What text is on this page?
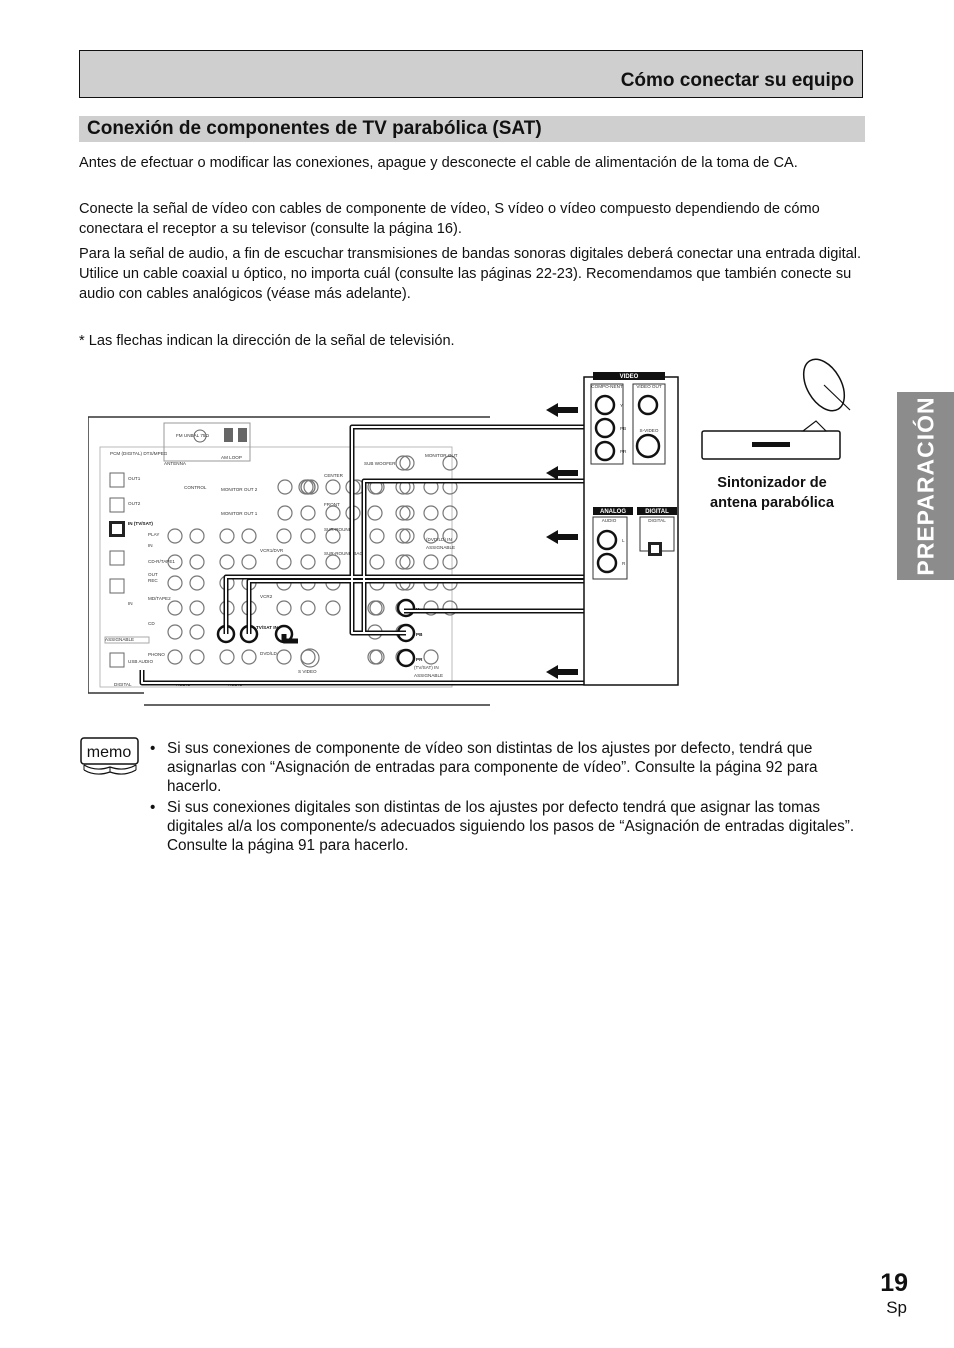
Cómo conectar su equipo
Conexión de componentes de TV parabólica (SAT)

Antes de efectuar o modificar las conexiones, apague y desconecte el cable de alimentación de la toma de CA.

Conecte la señal de vídeo con cables de componente de vídeo, S vídeo o vídeo compuesto dependiendo de cómo conectara el receptor a su televisor (consulte la página 16).

Para la señal de audio, a fin de escuchar transmisiones de bandas sonoras digitales deberá conectar una entrada digital. Utilice un cable coaxial u óptico, no importa cuál (consulte las páginas 22-23). Recomendamos que también conecte su audio con cables analógicos (véase más adelante).

* Las flechas indican la dirección de la señal de televisión.

PREPARACIÓN
FM UNBAL 75Ω
ANTENNA
AM LOOP
PCM (DIGITAL) DTS/MPEG
OUT1
OUT2
IN (TV/SAT)
CONTROL	MONITOR OUT 2
MONITOR OUT 1
MONITOR OUT
CENTER
FRONT
SUB WOOFER
SUR-ROUND
SUR-ROUND BACK
PLAY
IN
CD-R/TAPE1
OUT
REC
MD/TAPE2
CD
PHONO
VCR1/DVR
VCR2
DVD/LD
IN
USB AUDIO
TV/SAT IN
(TV/SAT) IN
(DVD/LD) IN
ASSIGNABLE
ASSIGNABLE
ASSIGNABLE
DIGITAL	AUDIO	AUDIO
S VIDEO
Y
PB
PR
VIDEO
COMPO-NENT	VIDEO OUT
Y
PB
PR
S-VIDEO
ANALOG	DIGITAL
AUDIO	DIGITAL
L
R
Sintonizador de
antena parabólica
memo • Si sus conexiones de componente de vídeo son distintas de los ajustes por defecto, tendrá que asignarlas con “Asignación de entradas para componente de vídeo”. Consulte la página 92 para hacerlo.
• Si sus conexiones digitales son distintas de los ajustes por defecto tendrá que asignar las tomas digitales al/a los componente/s adecuados siguiendo los pasos de “Asignación de entradas digitales”. Consulte la página 91 para hacerlo.
19
Sp
